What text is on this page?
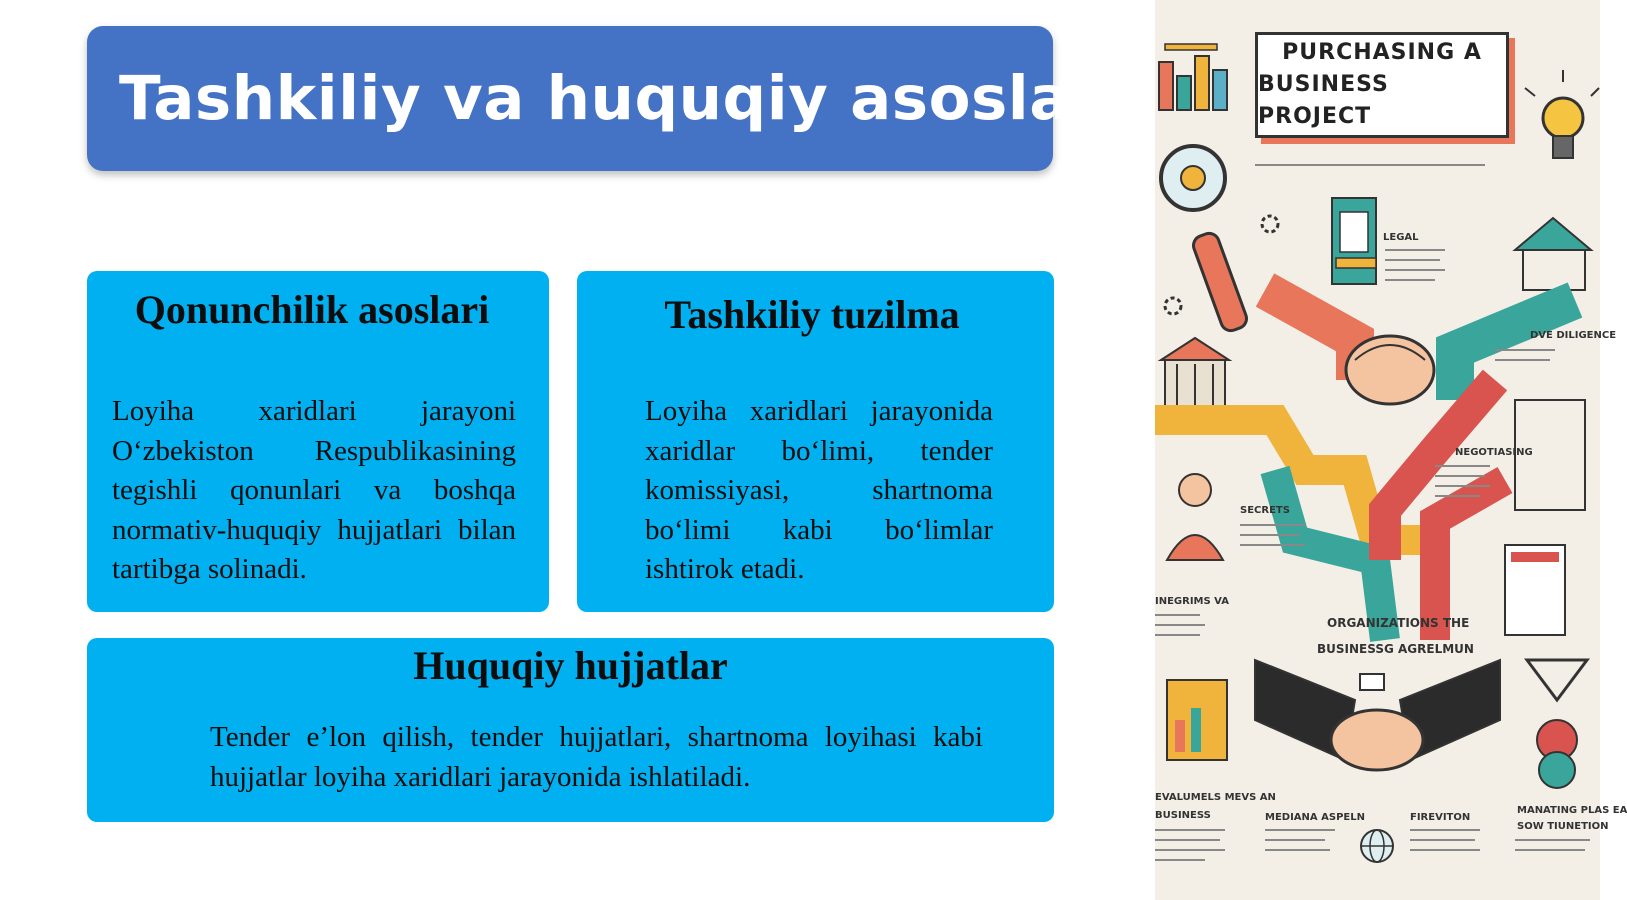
Tashkiliy va huquqiy asoslar
Qonunchilik asoslari

Loyiha xaridlari jarayoni O‘zbekiston Respublikasining tegishli qonunlari va boshqa normativ-huquqiy hujjatlari bilan tartibga solinadi.

Tashkiliy tuzilma

Loyiha xaridlari jarayonida xaridlar bo‘limi, tender komissiyasi, shartnoma bo‘limi kabi bo‘limlar ishtirok etadi.

Huquqiy hujjatlar

Tender e’lon qilish, tender hujjatlari, shartnoma loyihasi kabi hujjatlar loyiha xaridlari jarayonida ishlatiladi.

PURCHASING A
BUSINESS PROJECT
LEGAL
DVE DILIGENCE
NEGOTIASING
SECRETS
INEGRIMS VA
ORGANIZATIONS THE
BUSINESSG AGRELMUN
EVALUMELS MEVS AN
BUSINESS	MEDIANA ASPELN	FIREVITON
MANATING PLAS EA
SOW TIUNETION
